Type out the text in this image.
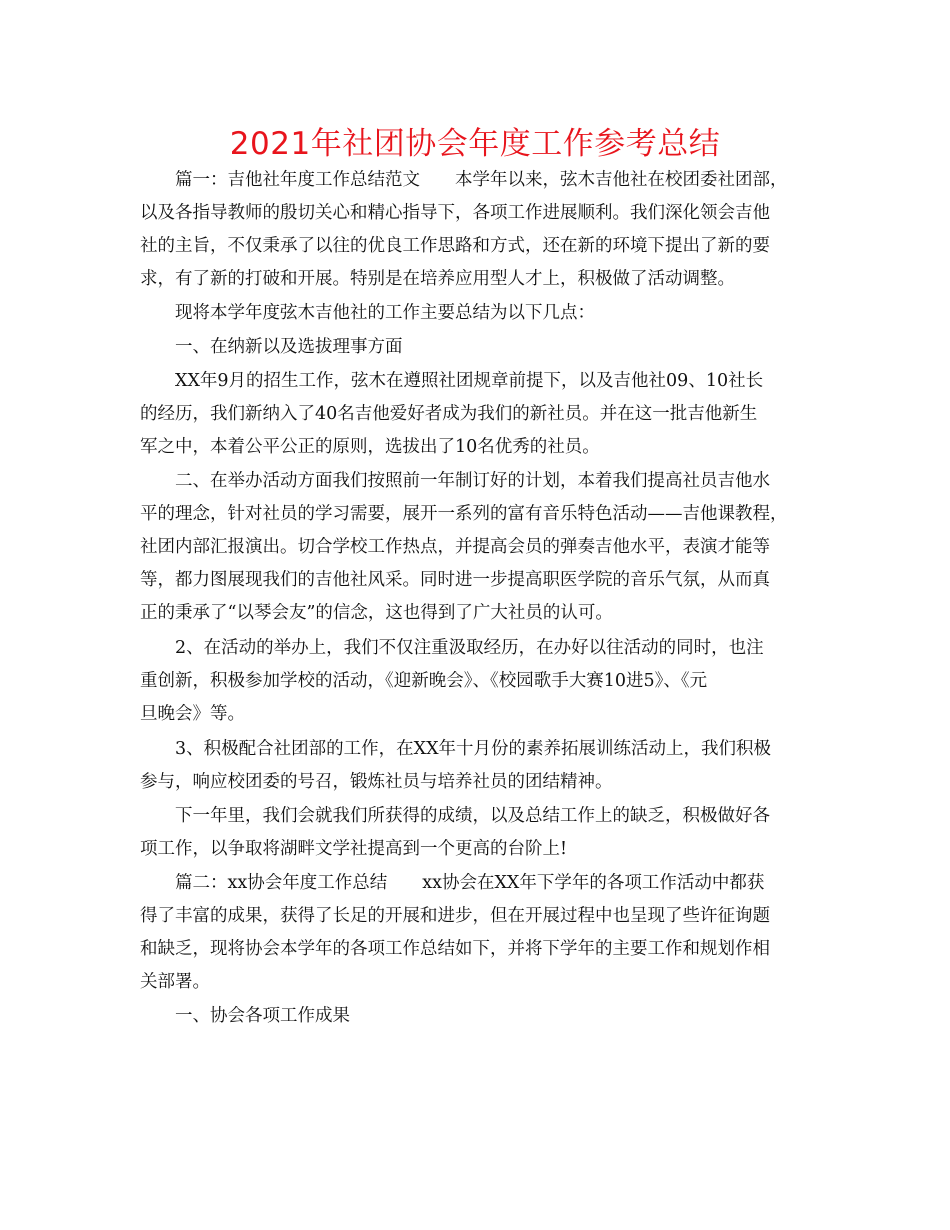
2021年社团协会年度工作参考总结
篇一：吉他社年度工作总结范文　　本学年以来，弦木吉他社在校团委社团部，
以及各指导教师的殷切关心和精心指导下，各项工作进展顺利。我们深化领会吉他
社的主旨，不仅秉承了以往的优良工作思路和方式，还在新的环境下提出了新的要
求，有了新的打破和开展。特别是在培养应用型人才上，积极做了活动调整。
现将本学年度弦木吉他社的工作主要总结为以下几点：
一、在纳新以及选拔理事方面
XX年9月的招生工作，弦木在遵照社团规章前提下，以及吉他社09、10社长
的经历，我们新纳入了40名吉他爱好者成为我们的新社员。并在这一批吉他新生
军之中，本着公平公正的原则，选拔出了10名优秀的社员。
二、在举办活动方面我们按照前一年制订好的计划，本着我们提高社员吉他水
平的理念，针对社员的学习需要，展开一系列的富有音乐特色活动——吉他课教程，
社团内部汇报演出。切合学校工作热点，并提高会员的弹奏吉他水平，表演才能等
等，都力图展现我们的吉他社风采。同时进一步提高职医学院的音乐气氛，从而真
正的秉承了“以琴会友”的信念，这也得到了广大社员的认可。
2、在活动的举办上，我们不仅注重汲取经历，在办好以往活动的同时，也注
重创新，积极参加学校的活动，《迎新晚会》、《校园歌手大赛10进5》、《元
旦晚会》等。
3、积极配合社团部的工作，在XX年十月份的素养拓展训练活动上，我们积极
参与，响应校团委的号召，锻炼社员与培养社员的团结精神。
下一年里，我们会就我们所获得的成绩，以及总结工作上的缺乏，积极做好各
项工作，以争取将湖畔文学社提高到一个更高的台阶上!
篇二：xx协会年度工作总结　　xx协会在XX年下学年的各项工作活动中都获
得了丰富的成果，获得了长足的开展和进步，但在开展过程中也呈现了些许征询题
和缺乏，现将协会本学年的各项工作总结如下，并将下学年的主要工作和规划作相
关部署。
一、协会各项工作成果
